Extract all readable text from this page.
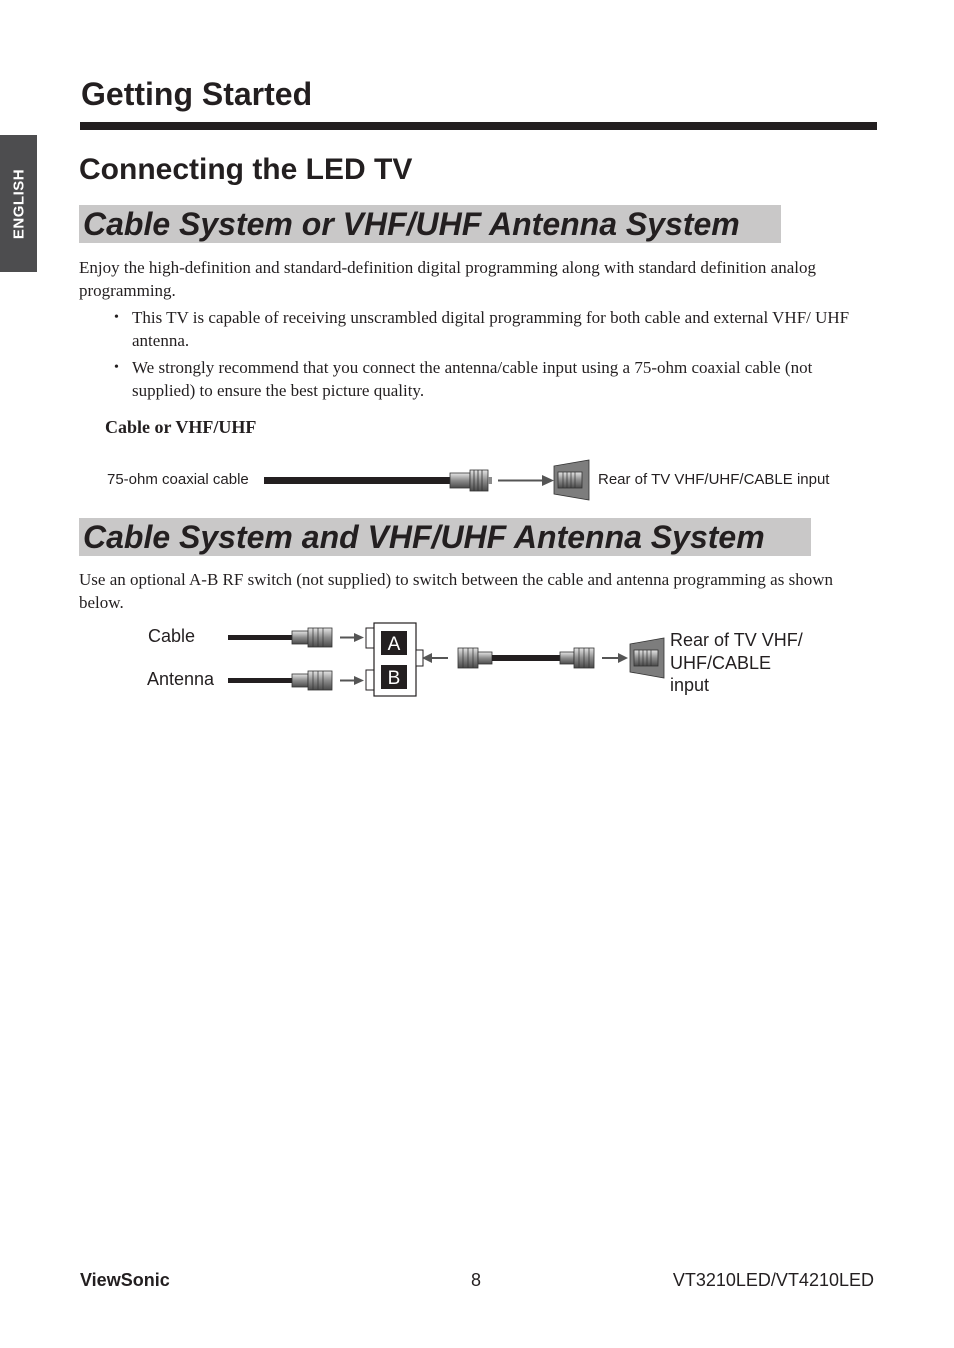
ENGLISH
Getting Started
Connecting the LED TV
Cable System or VHF/UHF Antenna System

Enjoy the high-definition and standard-definition digital programming along with standard definition analog programming.

• This TV is capable of receiving unscrambled digital programming for both cable and external VHF/ UHF antenna.
• We strongly recommend that you connect the antenna/cable input using a 75-ohm coaxial cable (not supplied) to ensure the best picture quality.

Cable or VHF/UHF

75-ohm coaxial cable	Rear of TV VHF/UHF/CABLE input
Cable System and VHF/UHF Antenna System

Use an optional A-B RF switch (not supplied) to switch between the cable and antenna programming as shown below.

Cable
Antenna
A
B
Rear of TV VHF/
UHF/CABLE
input
ViewSonic	8	VT3210LED/VT4210LED
